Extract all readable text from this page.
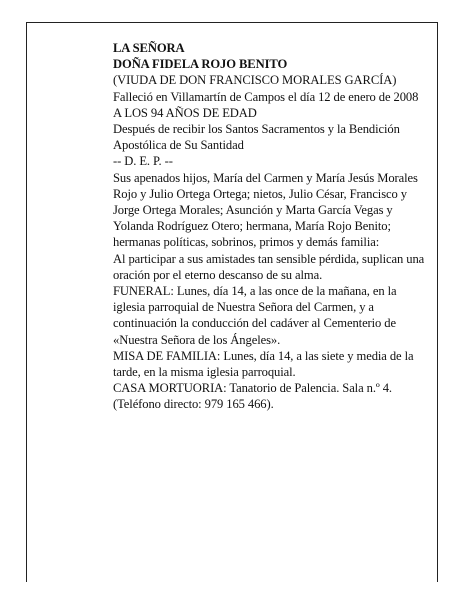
LA SEÑORA

DOÑA FIDELA ROJO BENITO

(VIUDA DE DON FRANCISCO MORALES GARCÍA)

Falleció en Villamartín de Campos el día 12 de enero de 2008

A LOS 94 AÑOS DE EDAD

Después de recibir los Santos Sacramentos y la Bendición Apostólica de Su Santidad

-- D. E. P. --

Sus apenados hijos, María del Carmen y María Jesús Morales Rojo y Julio Ortega Ortega; nietos, Julio César, Francisco y Jorge Ortega Morales; Asunción y Marta García Vegas y Yolanda Rodríguez Otero; hermana, María Rojo Benito; hermanas políticas, sobrinos, primos y demás familia:

Al participar a sus amistades tan sensible pérdida, suplican una oración por el eterno descanso de su alma.

FUNERAL: Lunes, día 14, a las once de la mañana, en la iglesia parroquial de Nuestra Señora del Carmen, y a continuación la conducción del cadáver al Cementerio de «Nuestra Señora de los Ángeles».

MISA DE FAMILIA: Lunes, día 14, a las siete y media de la tarde, en la misma iglesia parroquial.

CASA MORTUORIA: Tanatorio de Palencia. Sala n.º 4. (Teléfono directo: 979 165 466).
